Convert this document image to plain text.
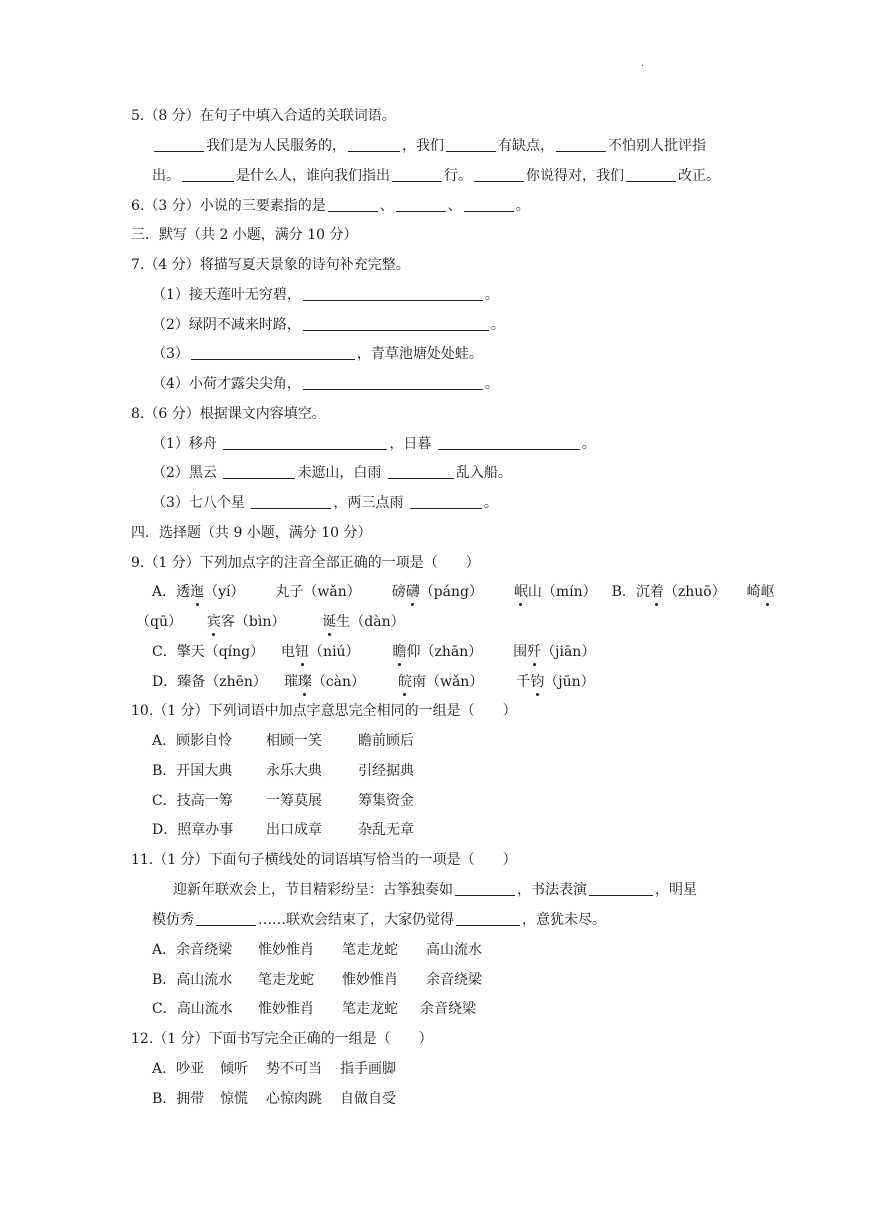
.
5.（8 分）在句子中填入合适的关联词语。
我们是为人民服务的，	，我们	有缺点，	不怕别人批评指
出。	是什么人，谁向我们指出	行。	你说得对，我们	改正。
6.（3 分）小说的三要素指的是	、	、	。
三．默写（共 2 小题，满分 10 分）
7.（4 分）将描写夏天景象的诗句补充完整。
（1）接天莲叶无穷碧，	。
（2）绿阴不减来时路，	。
（3）	，青草池塘处处蛙。
（4）小荷才露尖尖角，	。
8.（6 分）根据课文内容填空。
（1）移舟	，日暮	。
（2）黑云	未遮山，白雨	乱入船。
（3）七八个星	，两三点雨	。
四．选择题（共 9 小题，满分 10 分）
9.（1 分）下列加点字的注音全部正确的一项是（　　）
A．透迤（yí） 丸子（wǎn） 磅礴（páng） 岷山（mín） B．沉着（zhuō） 崎岖
（qū） 宾客（bìn）	诞生（dàn）
C．擎天（qíng） 电钮（niú） 瞻仰（zhān） 围歼（jiān）
D．臻备（zhēn） 璀璨（càn） 皖南（wǎn） 千钧（jūn）
10.（1 分）下列词语中加点字意思完全相同的一组是（　　）
A．顾影自怜 相顾一笑	瞻前顾后
B．开国大典 永乐大典	引经据典
C．技高一筹 一筹莫展	筹集资金
D．照章办事 出口成章	杂乱无章
11.（1 分）下面句子横线处的词语填写恰当的一项是（　　）
迎新年联欢会上，节目精彩纷呈：古筝独奏如	，书法表演	，明星
模仿秀	……联欢会结束了，大家仍觉得	，意犹未尽。
A．余音绕梁 惟妙惟肖 笔走龙蛇 高山流水
B．高山流水 笔走龙蛇 惟妙惟肖 余音绕梁
C．高山流水 惟妙惟肖 笔走龙蛇 余音绕梁
12.（1 分）下面书写完全正确的一组是（　　）
A．吵亚 倾听 势不可当 指手画脚
B．拥带 惊慌 心惊肉跳 自做自受
